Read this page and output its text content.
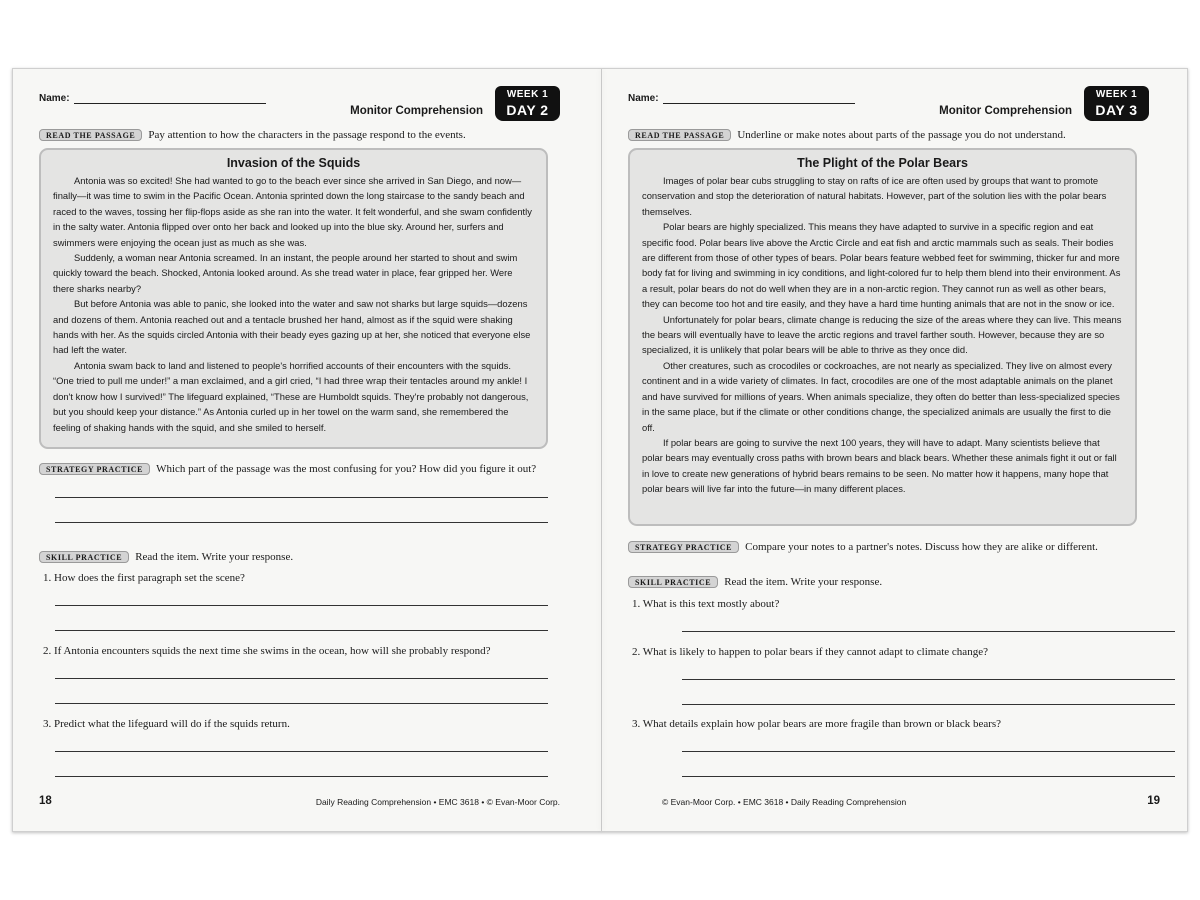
Name:
Monitor Comprehension
WEEK 1
DAY 2
READ THE PASSAGE Pay attention to how the characters in the passage respond to the events.
Invasion of the Squids

Antonia was so excited! She had wanted to go to the beach ever since she arrived in San Diego, and now—finally—it was time to swim in the Pacific Ocean. Antonia sprinted down the long staircase to the sandy beach and raced to the waves, tossing her flip-flops aside as she ran into the water. It felt wonderful, and she swam confidently in the salty water. Antonia flipped over onto her back and looked up into the blue sky. Around her, surfers and swimmers were enjoying the ocean just as much as she was.

Suddenly, a woman near Antonia screamed. In an instant, the people around her started to shout and swim quickly toward the beach. Shocked, Antonia looked around. As she tread water in place, fear gripped her. Were there sharks nearby?

But before Antonia was able to panic, she looked into the water and saw not sharks but large squids—dozens and dozens of them. Antonia reached out and a tentacle brushed her hand, almost as if the squid were shaking hands with her. As the squids circled Antonia with their beady eyes gazing up at her, she noticed that everyone else had left the water.

Antonia swam back to land and listened to people's horrified accounts of their encounters with the squids. “One tried to pull me under!” a man exclaimed, and a girl cried, “I had three wrap their tentacles around my ankle! I don't know how I survived!” The lifeguard explained, “These are Humboldt squids. They're probably not dangerous, but you should keep your distance.” As Antonia curled up in her towel on the warm sand, she remembered the feeling of shaking hands with the squid, and she smiled to herself.

STRATEGY PRACTICE Which part of the passage was the most confusing for you? How did you figure it out?
SKILL PRACTICE Read the item. Write your response.
1. How does the first paragraph set the scene?
2. If Antonia encounters squids the next time she swims in the ocean, how will she probably respond?
3. Predict what the lifeguard will do if the squids return.
18	Daily Reading Comprehension • EMC 3618 • © Evan-Moor Corp.
Name:
Monitor Comprehension
WEEK 1
DAY 3
READ THE PASSAGE Underline or make notes about parts of the passage you do not understand.
The Plight of the Polar Bears

Images of polar bear cubs struggling to stay on rafts of ice are often used by groups that want to promote conservation and stop the deterioration of natural habitats. However, part of the solution lies with the polar bears themselves.

Polar bears are highly specialized. This means they have adapted to survive in a specific region and eat specific food. Polar bears live above the Arctic Circle and eat fish and arctic mammals such as seals. Their bodies are different from those of other types of bears. Polar bears feature webbed feet for swimming, thicker fur and more body fat for living and swimming in icy conditions, and light-colored fur to help them blend into their environment. As a result, polar bears do not do well when they are in a non-arctic region. They cannot run as well as other bears, they can become too hot and tire easily, and they have a hard time hunting animals that are not in the snow or ice.

Unfortunately for polar bears, climate change is reducing the size of the areas where they can live. This means the bears will eventually have to leave the arctic regions and travel farther south. However, because they are so specialized, it is unlikely that polar bears will be able to thrive as they once did.

Other creatures, such as crocodiles or cockroaches, are not nearly as specialized. They live on almost every continent and in a wide variety of climates. In fact, crocodiles are one of the most adaptable animals on the planet and have survived for millions of years. When animals specialize, they often do better than less-specialized species in the same place, but if the climate or other conditions change, the specialized animals are usually the first to die off.

If polar bears are going to survive the next 100 years, they will have to adapt. Many scientists believe that polar bears may eventually cross paths with brown bears and black bears. Whether these animals fight it out or fall in love to create new generations of hybrid bears remains to be seen. No matter how it happens, many hope that polar bears will live far into the future—in many different places.

STRATEGY PRACTICE Compare your notes to a partner's notes. Discuss how they are alike or different.
SKILL PRACTICE Read the item. Write your response.
1. What is this text mostly about?
2. What is likely to happen to polar bears if they cannot adapt to climate change?
3. What details explain how polar bears are more fragile than brown or black bears?
© Evan-Moor Corp. • EMC 3618 • Daily Reading Comprehension	19
